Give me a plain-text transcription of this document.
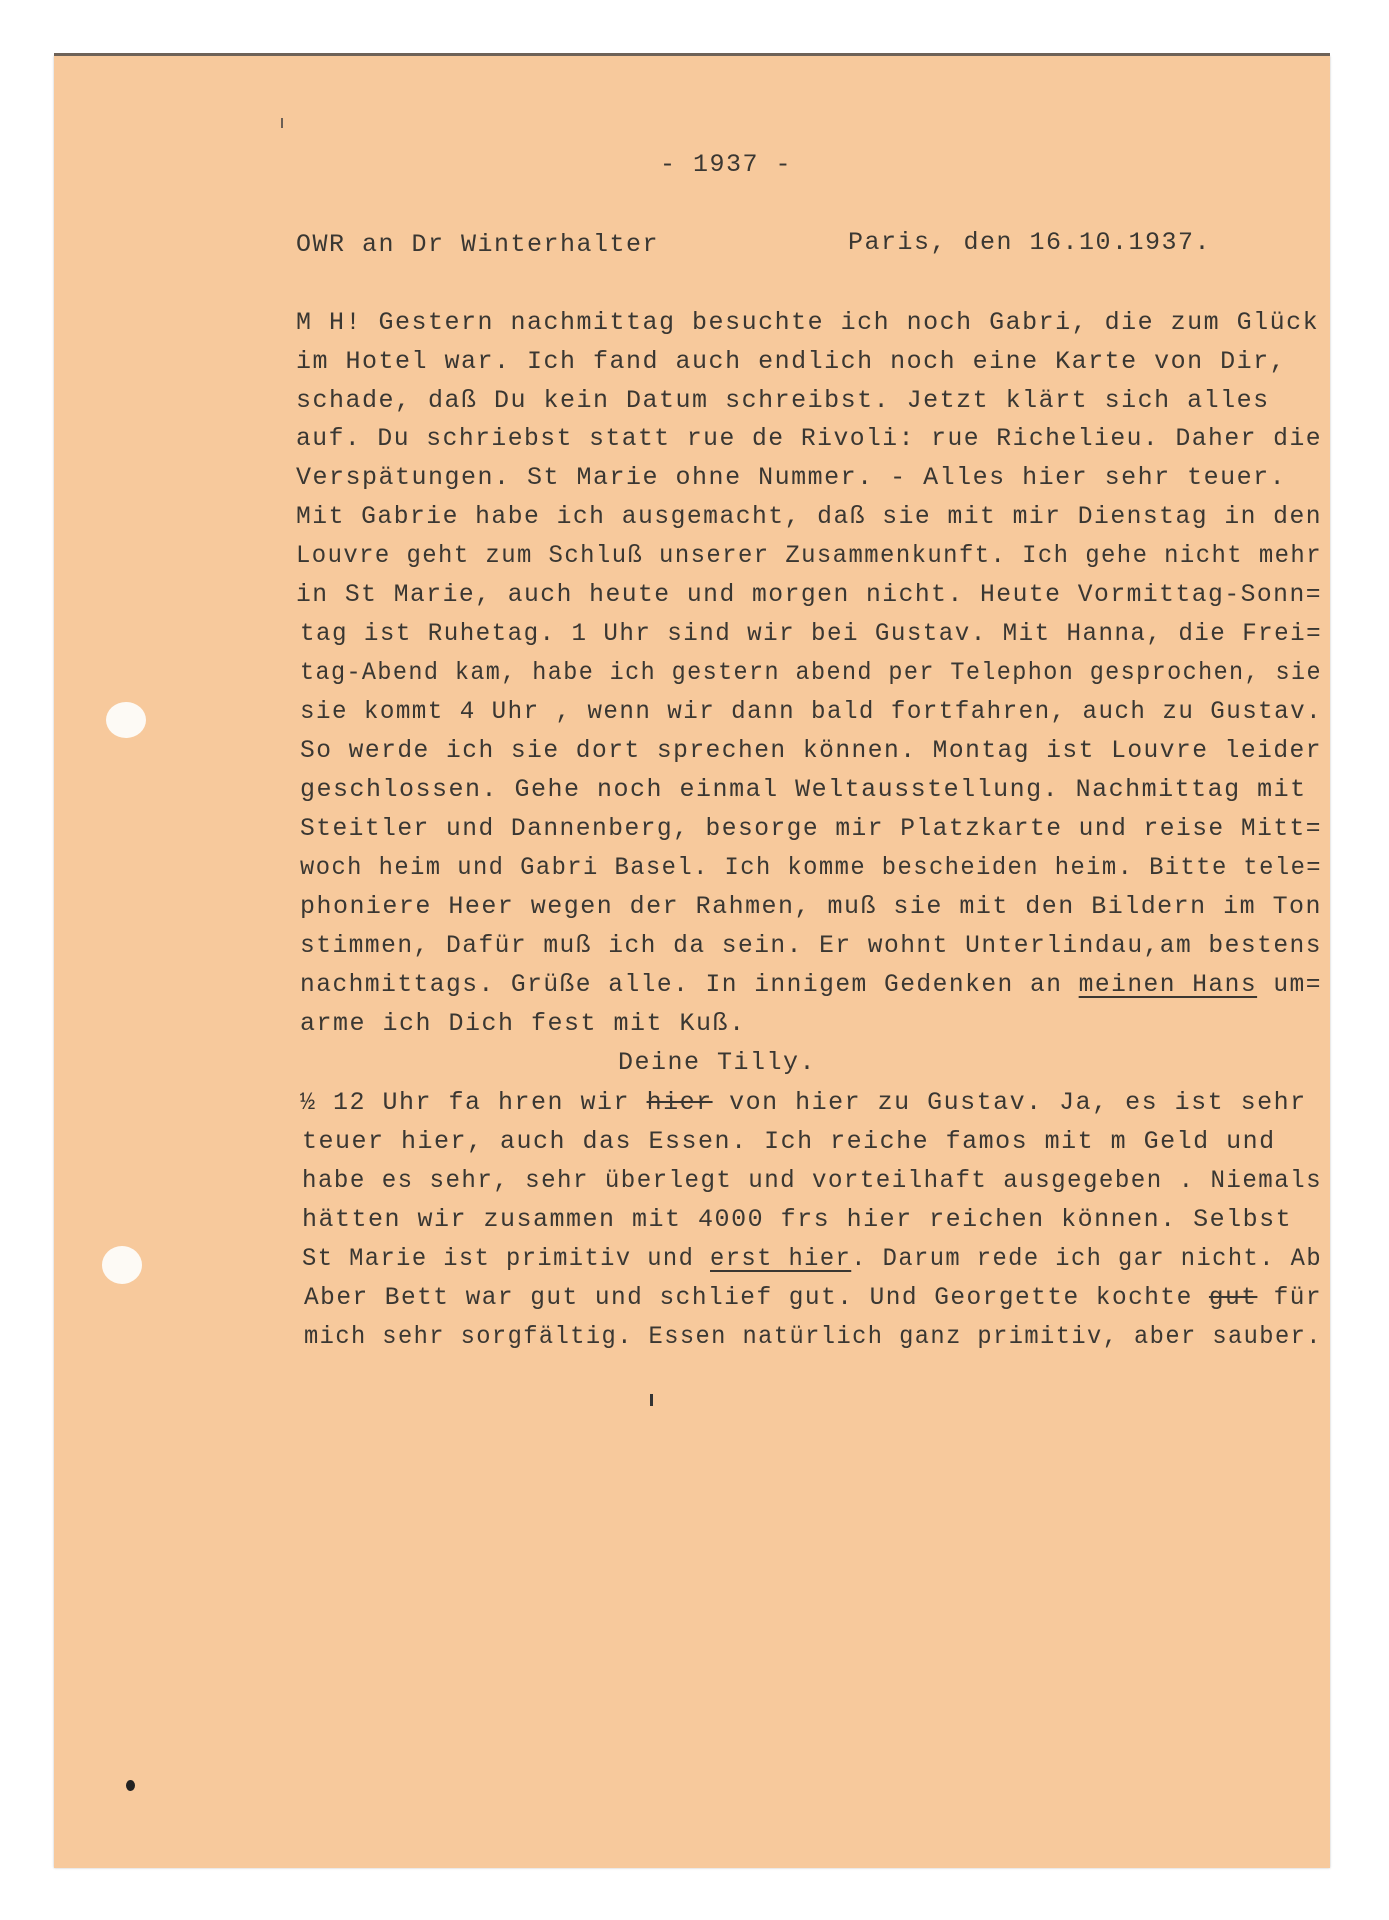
- 1937 -

OWR an Dr Winterhalter

	Paris, den 16.10.1937.

M H! Gestern nachmittag besuchte ich noch Gabri, die zum Glück

im Hotel war. Ich fand auch endlich noch eine Karte von Dir,

schade, daß Du kein Datum schreibst. Jetzt klärt sich alles

auf. Du schriebst statt rue de Rivoli: rue Richelieu. Daher die

Verspätungen. St Marie ohne Nummer. - Alles hier sehr teuer.

Mit Gabrie habe ich ausgemacht, daß sie mit mir Dienstag in den

Louvre geht zum Schluß unserer Zusammenkunft. Ich gehe nicht mehr

in St Marie, auch heute und morgen nicht. Heute Vormittag-Sonn=

tag ist Ruhetag. 1 Uhr sind wir bei Gustav. Mit Hanna, die Frei=

tag-Abend kam, habe ich gestern abend per Telephon gesprochen, sie

sie kommt 4 Uhr , wenn wir dann bald fortfahren, auch zu Gustav.

So werde ich sie dort sprechen können. Montag ist Louvre leider

geschlossen. Gehe noch einmal Weltausstellung. Nachmittag mit

Steitler und Dannenberg, besorge mir Platzkarte und reise Mitt=

woch heim und Gabri Basel. Ich komme bescheiden heim. Bitte tele=

phoniere Heer wegen der Rahmen, muß sie mit den Bildern im Ton

stimmen, Dafür muß ich da sein. Er wohnt Unterlindau,am bestens

nachmittags. Grüße alle. In innigem Gedenken an meinen Hans um=

arme ich Dich fest mit Kuß.

Deine Tilly.

½ 12 Uhr fa hren wir hier von hier zu Gustav. Ja, es ist sehr

teuer hier, auch das Essen. Ich reiche famos mit m Geld und

habe es sehr, sehr überlegt und vorteilhaft ausgegeben . Niemals

hätten wir zusammen mit 4000 frs hier reichen können. Selbst

St Marie ist primitiv und erst hier. Darum rede ich gar nicht. Ab

Aber Bett war gut und schlief gut. Und Georgette kochte gut für

mich sehr sorgfältig. Essen natürlich ganz primitiv, aber sauber.
